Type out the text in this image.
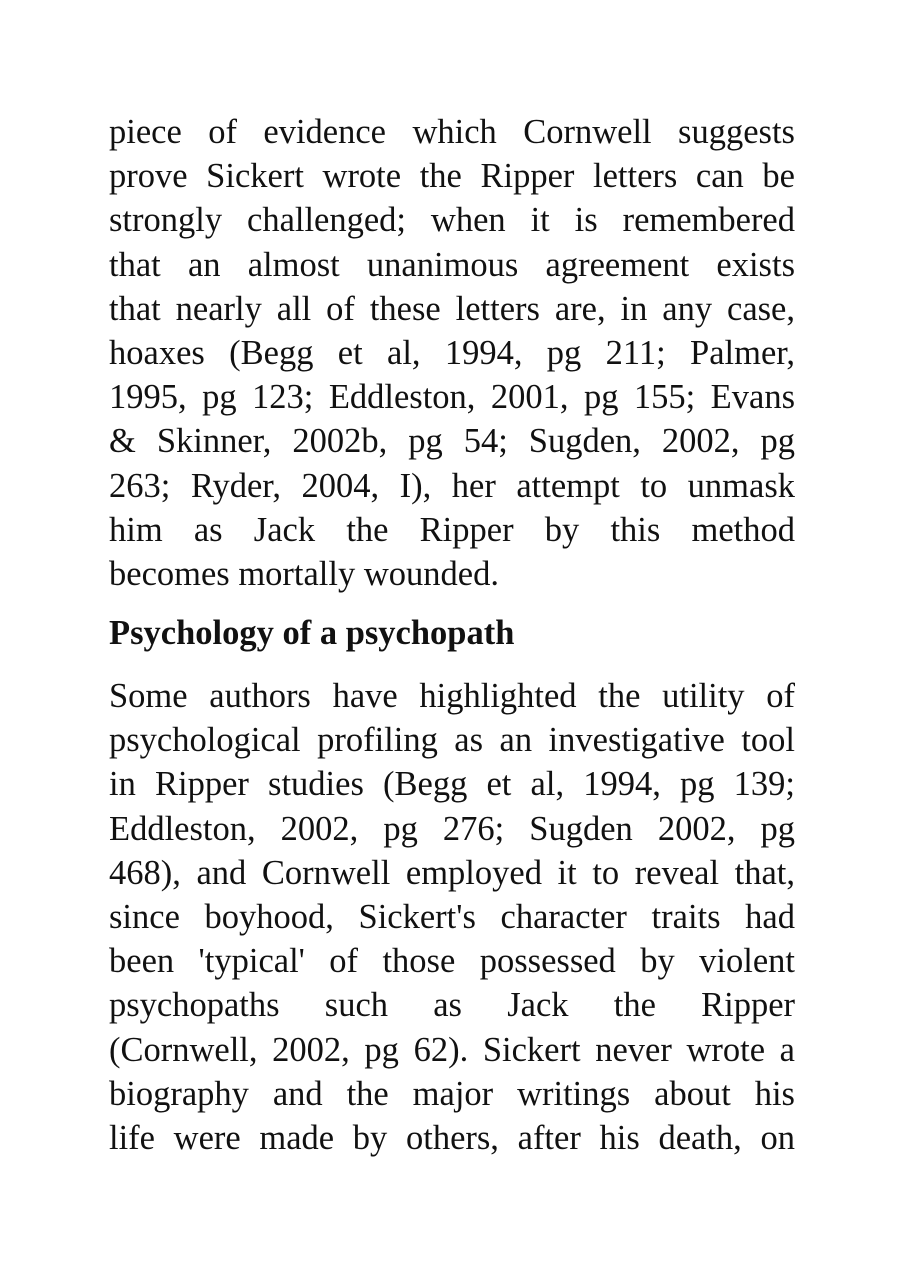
piece of evidence which Cornwell suggests
prove Sickert wrote the Ripper letters can be
strongly challenged; when it is remembered
that an almost unanimous agreement exists
that nearly all of these letters are, in any case,
hoaxes (Begg et al, 1994, pg 211; Palmer,
1995, pg 123; Eddleston, 2001, pg 155; Evans
& Skinner, 2002b, pg 54; Sugden, 2002, pg
263; Ryder, 2004, I), her attempt to unmask
him as Jack the Ripper by this method
becomes mortally wounded.
Psychology of a psychopath
Some authors have highlighted the utility of
psychological profiling as an investigative tool
in Ripper studies (Begg et al, 1994, pg 139;
Eddleston, 2002, pg 276; Sugden 2002, pg
468), and Cornwell employed it to reveal that,
since boyhood, Sickert's character traits had
been 'typical' of those possessed by violent
psychopaths such as Jack the Ripper
(Cornwell, 2002, pg 62). Sickert never wrote a
biography and the major writings about his
life were made by others, after his death, on
